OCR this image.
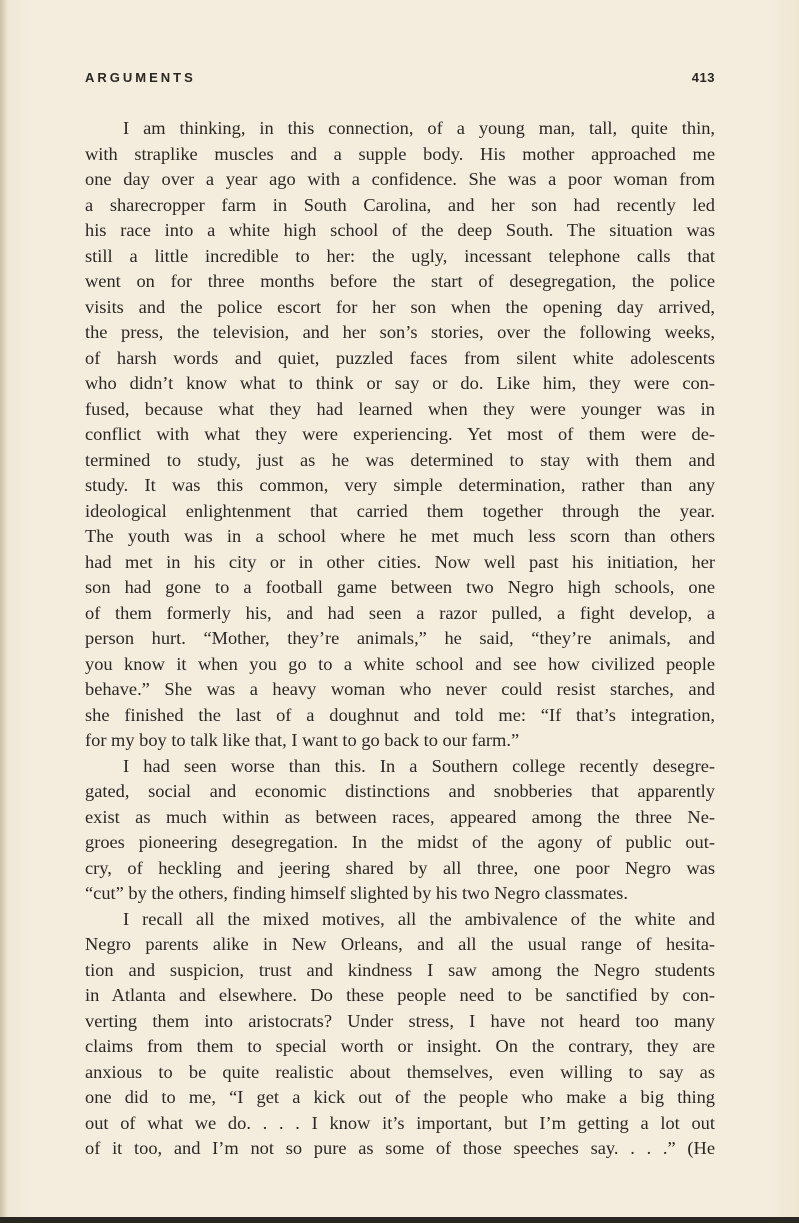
ARGUMENTS	413
I am thinking, in this connection, of a young man, tall, quite thin,
with straplike muscles and a supple body. His mother approached me
one day over a year ago with a confidence. She was a poor woman from
a sharecropper farm in South Carolina, and her son had recently led
his race into a white high school of the deep South. The situation was
still a little incredible to her: the ugly, incessant telephone calls that
went on for three months before the start of desegregation, the police
visits and the police escort for her son when the opening day arrived,
the press, the television, and her son’s stories, over the following weeks,
of harsh words and quiet, puzzled faces from silent white adolescents
who didn’t know what to think or say or do. Like him, they were con-
fused, because what they had learned when they were younger was in
conflict with what they were experiencing. Yet most of them were de-
termined to study, just as he was determined to stay with them and
study. It was this common, very simple determination, rather than any
ideological enlightenment that carried them together through the year.
The youth was in a school where he met much less scorn than others
had met in his city or in other cities. Now well past his initiation, her
son had gone to a football game between two Negro high schools, one
of them formerly his, and had seen a razor pulled, a fight develop, a
person hurt. “Mother, they’re animals,” he said, “they’re animals, and
you know it when you go to a white school and see how civilized people
behave.” She was a heavy woman who never could resist starches, and
she finished the last of a doughnut and told me: “If that’s integration,
for my boy to talk like that, I want to go back to our farm.”
I had seen worse than this. In a Southern college recently desegre-
gated, social and economic distinctions and snobberies that apparently
exist as much within as between races, appeared among the three Ne-
groes pioneering desegregation. In the midst of the agony of public out-
cry, of heckling and jeering shared by all three, one poor Negro was
“cut” by the others, finding himself slighted by his two Negro classmates.
I recall all the mixed motives, all the ambivalence of the white and
Negro parents alike in New Orleans, and all the usual range of hesita-
tion and suspicion, trust and kindness I saw among the Negro students
in Atlanta and elsewhere. Do these people need to be sanctified by con-
verting them into aristocrats? Under stress, I have not heard too many
claims from them to special worth or insight. On the contrary, they are
anxious to be quite realistic about themselves, even willing to say as
one did to me, “I get a kick out of the people who make a big thing
out of what we do. . . . I know it’s important, but I’m getting a lot out
of it too, and I’m not so pure as some of those speeches say. . . .” (He
